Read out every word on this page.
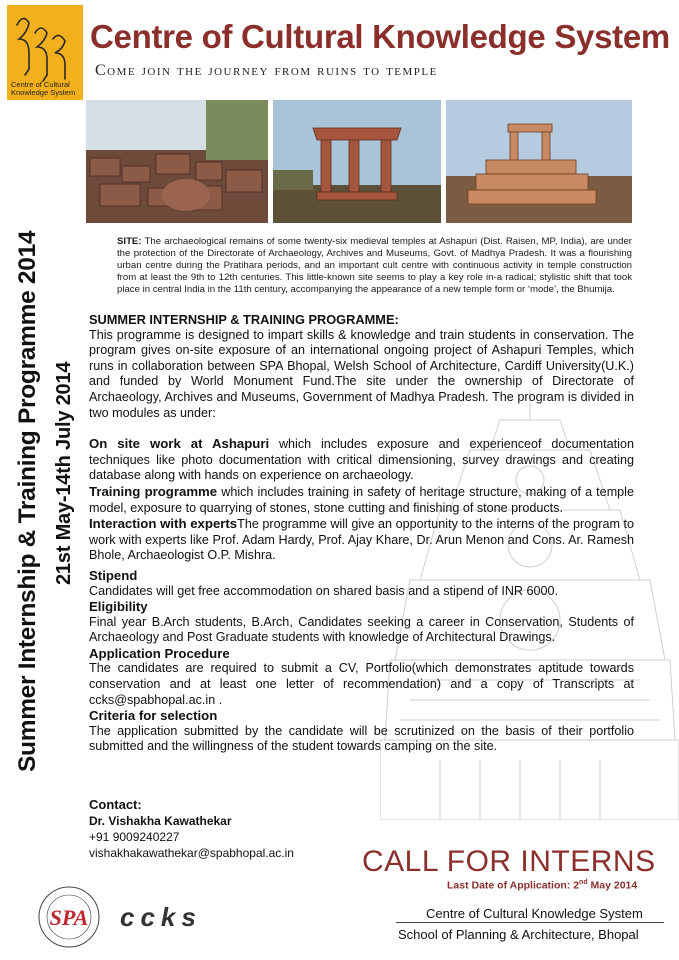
Centre of Cultural Knowledge System
Centre of Cultural Knowledge System
Come join the journey from ruins to temple
Summer Internship & Training Programme 2014 21st May-14th July 2014
SITE: The archaeological remains of some twenty-six medieval temples at Ashapuri (Dist. Raisen, MP, India), are under the protection of the Directorate of Archaeology, Archives and Museums, Govt. of Madhya Pradesh. It was a flourishing urban centre during the Pratihara periods, and an important cult centre with continuous activity in temple construction from at least the 9th to 12th centuries. This little-known site seems to play a key role in-a radical; stylistic shift that took place in central India in the 11th century, accompanying the appearance of a new temple form or ‘mode’, the Bhumija.

SUMMER INTERNSHIP & TRAINING PROGRAMME:

This programme is designed to impart skills & knowledge and train students in conservation. The program gives on-site exposure of an international ongoing project of Ashapuri Temples, which runs in collaboration between SPA Bhopal, Welsh School of Architecture, Cardiff University(U.K.) and funded by World Monument Fund.The site under the ownership of Directorate of Archaeology, Archives and Museums, Government of Madhya Pradesh. The program is divided in two modules as under:

On site work at Ashapuri which includes exposure and experienceof documentation techniques like photo documentation with critical dimensioning, survey drawings and creating database along with hands on experience on archaeology.

Training programme which includes training in safety of heritage structure, making of a temple model, exposure to quarrying of stones, stone cutting and finishing of stone products.

Interaction with expertsThe programme will give an opportunity to the interns of the program to work with experts like Prof. Adam Hardy, Prof. Ajay Khare, Dr. Arun Menon and Cons. Ar. Ramesh Bhole, Archaeologist O.P. Mishra.

Stipend

Candidates will get free accommodation on shared basis and a stipend of INR 6000.

Eligibility

Final year B.Arch students, B.Arch, Candidates seeking a career in Conservation, Students of Archaeology and Post Graduate students with knowledge of Architectural Drawings.

Application Procedure

The candidates are required to submit a CV, Portfolio(which demonstrates aptitude towards conservation and at least one letter of recommendation) and a copy of Transcripts at ccks@spabhopal.ac.in .

Criteria for selection

The application submitted by the candidate will be scrutinized on the basis of their portfolio submitted and the willingness of the student towards camping on the site.

Contact:
Dr. Vishakha Kawathekar
+91 9009240227
vishakhakawathekar@spabhopal.ac.in CALL FOR INTERNS
Last Date of Application: 2nd May 2014
SPA ccks	Centre of Cultural Knowledge System
School of Planning & Architecture, Bhopal
